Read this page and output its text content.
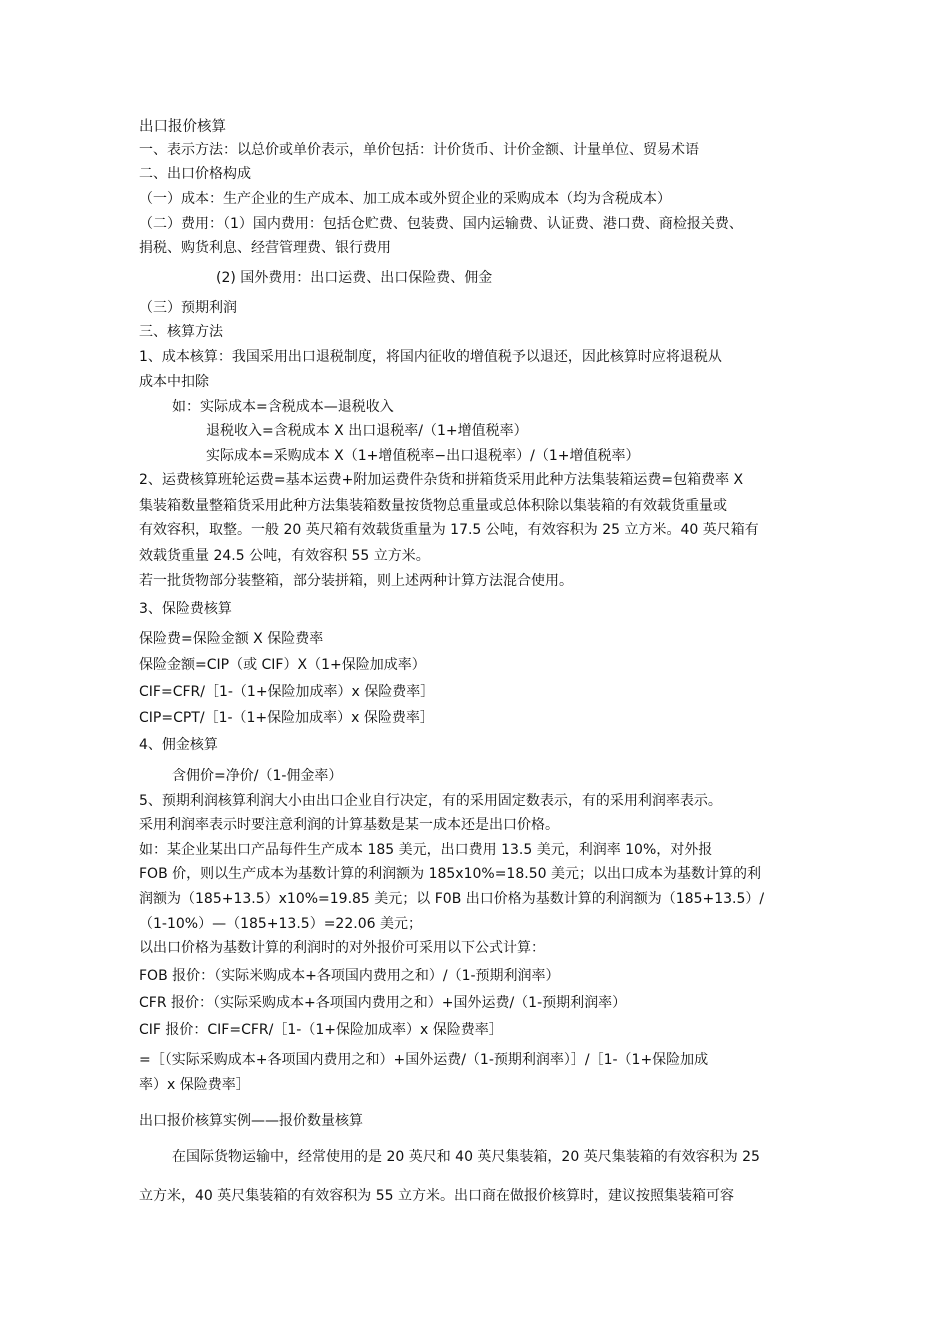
出口报价核算
一、表示方法：以总价或单价表示，单价包括：计价货币、计价金额、计量单位、贸易术语
二、出口价格构成
（一）成本：生产企业的生产成本、加工成本或外贸企业的采购成本（均为含税成本）
（二）费用：（1）国内费用：包括仓贮费、包装费、国内运输费、认证费、港口费、商检报关费、
捐税、购货利息、经营管理费、银行费用
(2) 国外费用：出口运费、出口保险费、佣金
（三）预期利润
三、核算方法
1、成本核算：我国采用出口退税制度，将国内征收的增值税予以退还，因此核算时应将退税从
成本中扣除
如：实际成本=含税成本—退税收入
退税收入=含税成本 X 出口退税率/（1+增值税率）
实际成本=采购成本 X（1+增值税率−出口退税率）/（1+增值税率）
2、运费核算班轮运费=基本运费+附加运费件杂货和拼箱货采用此种方法集装箱运费=包箱费率 X
集装箱数量整箱货采用此种方法集装箱数量按货物总重量或总体积除以集装箱的有效载货重量或
有效容积，取整。一般 20 英尺箱有效载货重量为 17.5 公吨，有效容积为 25 立方米。40 英尺箱有
效载货重量 24.5 公吨，有效容积 55 立方米。
若一批货物部分装整箱，部分装拼箱，则上述两种计算方法混合使用。
3、保险费核算
保险费=保险金额 X 保险费率
保险金额=CIP（或 CIF）X（1+保险加成率）
CIF=CFR/［1-（1+保险加成率）x 保险费率］
CIP=CPT/［1-（1+保险加成率）x 保险费率］
4、佣金核算
含佣价=净价/（1-佣金率）
5、预期利润核算利润大小由出口企业自行决定，有的采用固定数表示，有的采用利润率表示。
采用利润率表示时要注意利润的计算基数是某一成本还是出口价格。
如：某企业某出口产品每件生产成本 185 美元，出口费用 13.5 美元，利润率 10%，对外报
FOB 价，则以生产成本为基数计算的利润额为 185x10%=18.50 美元；以出口成本为基数计算的利
润额为（185+13.5）x10%=19.85 美元；以 F0B 出口价格为基数计算的利润额为（185+13.5）/
（1-10%）—（185+13.5）=22.06 美元；
以出口价格为基数计算的利润时的对外报价可采用以下公式计算：
FOB 报价：（实际米购成本+各项国内费用之和）/（1-预期利润率）
CFR 报价：（实际采购成本+各项国内费用之和）+国外运费/（1-预期利润率）
CIF 报价：CIF=CFR/［1-（1+保险加成率）x 保险费率］
=［（实际采购成本+各项国内费用之和）+国外运费/（1-预期利润率）］/［1-（1+保险加成
率）x 保险费率］
出口报价核算实例——报价数量核算
在国际货物运输中，经常使用的是 20 英尺和 40 英尺集装箱，20 英尺集装箱的有效容积为 25
立方米，40 英尺集装箱的有效容积为 55 立方米。出口商在做报价核算时，建议按照集装箱可容
